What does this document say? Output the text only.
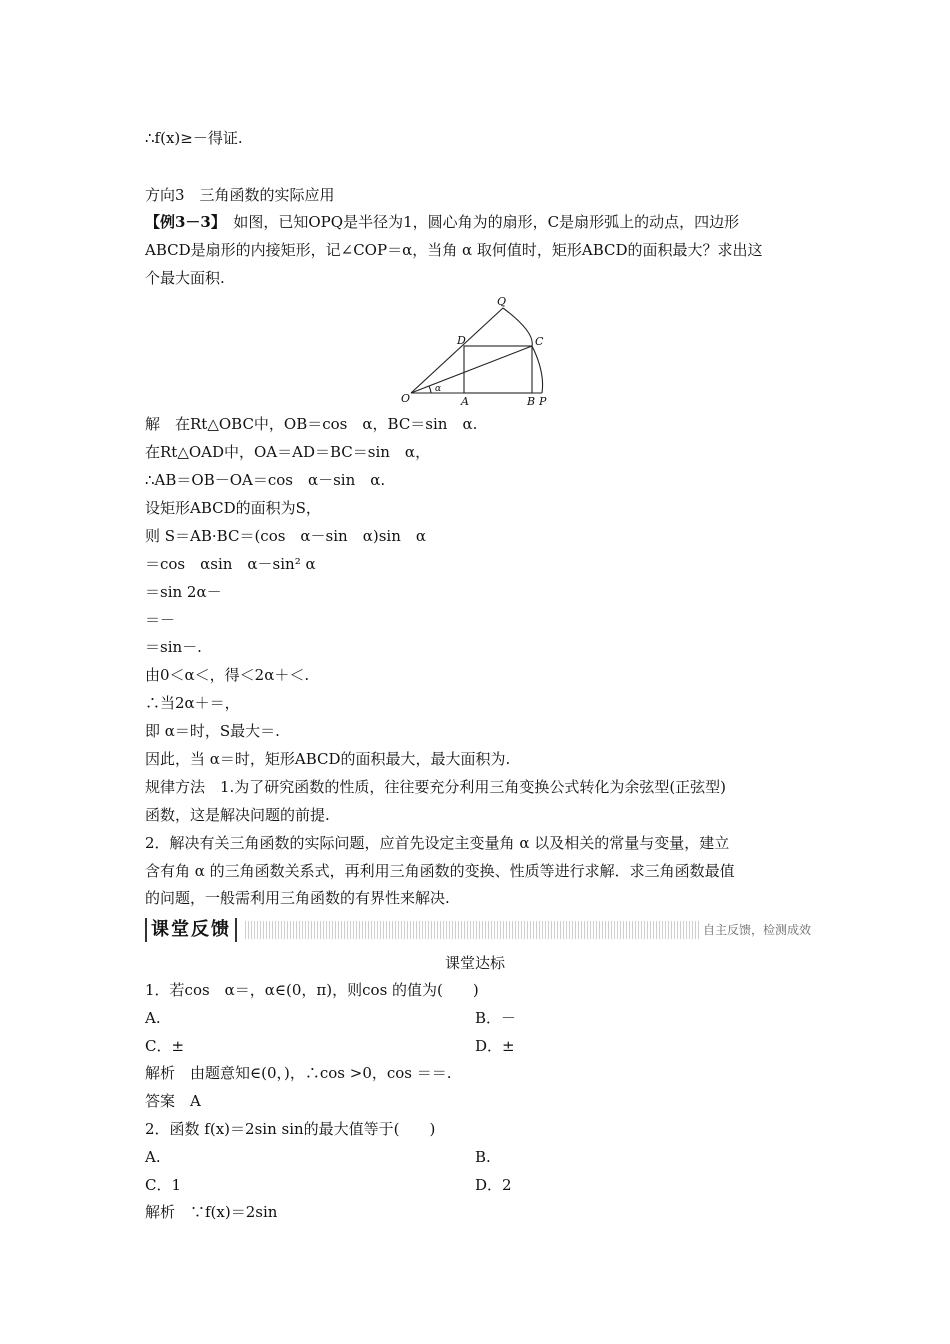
∴f(x)≥－得证.
方向3　三角函数的实际应用
【例3－3】　如图，已知OPQ是半径为1，圆心角为的扇形，C是扇形弧上的动点，四边形
ABCD是扇形的内接矩形，记∠COP＝α，当角 α 取何值时，矩形ABCD的面积最大？求出这
个最大面积.
O	A	B P
C
D
Q
α
解　在Rt△OBC中，OB＝cos　α，BC＝sin　α.
在Rt△OAD中，OA＝AD＝BC＝sin　α，
∴AB＝OB－OA＝cos　α－sin　α.
设矩形ABCD的面积为S，
则 S＝AB·BC＝(cos　α－sin　α)sin　α
＝cos　αsin　α－sin² α
＝sin 2α－
＝－
＝sin－.
由0＜α＜，得＜2α＋＜.
∴当2α＋＝，
即 α＝时，S最大＝.
因此，当 α＝时，矩形ABCD的面积最大，最大面积为.
规律方法　1.为了研究函数的性质，往往要充分利用三角变换公式转化为余弦型(正弦型)
函数，这是解决问题的前提.
2．解决有关三角函数的实际问题，应首先设定主变量角 α 以及相关的常量与变量，建立
含有角 α 的三角函数关系式，再利用三角函数的变换、性质等进行求解．求三角函数最值
的问题，一般需利用三角函数的有界性来解决.
课堂反馈	自主反馈，检测成效
课堂达标
1．若cos　α＝，α∈(0，π)，则cos 的值为(　　)
A.	B．－
C．±	D．±
解析　由题意知∈(0，)，∴cos >0，cos ＝＝.
答案　A
2．函数 f(x)＝2sin sin的最大值等于(　　)
A.	B.
C．1	D．2
解析　∵f(x)＝2sin
